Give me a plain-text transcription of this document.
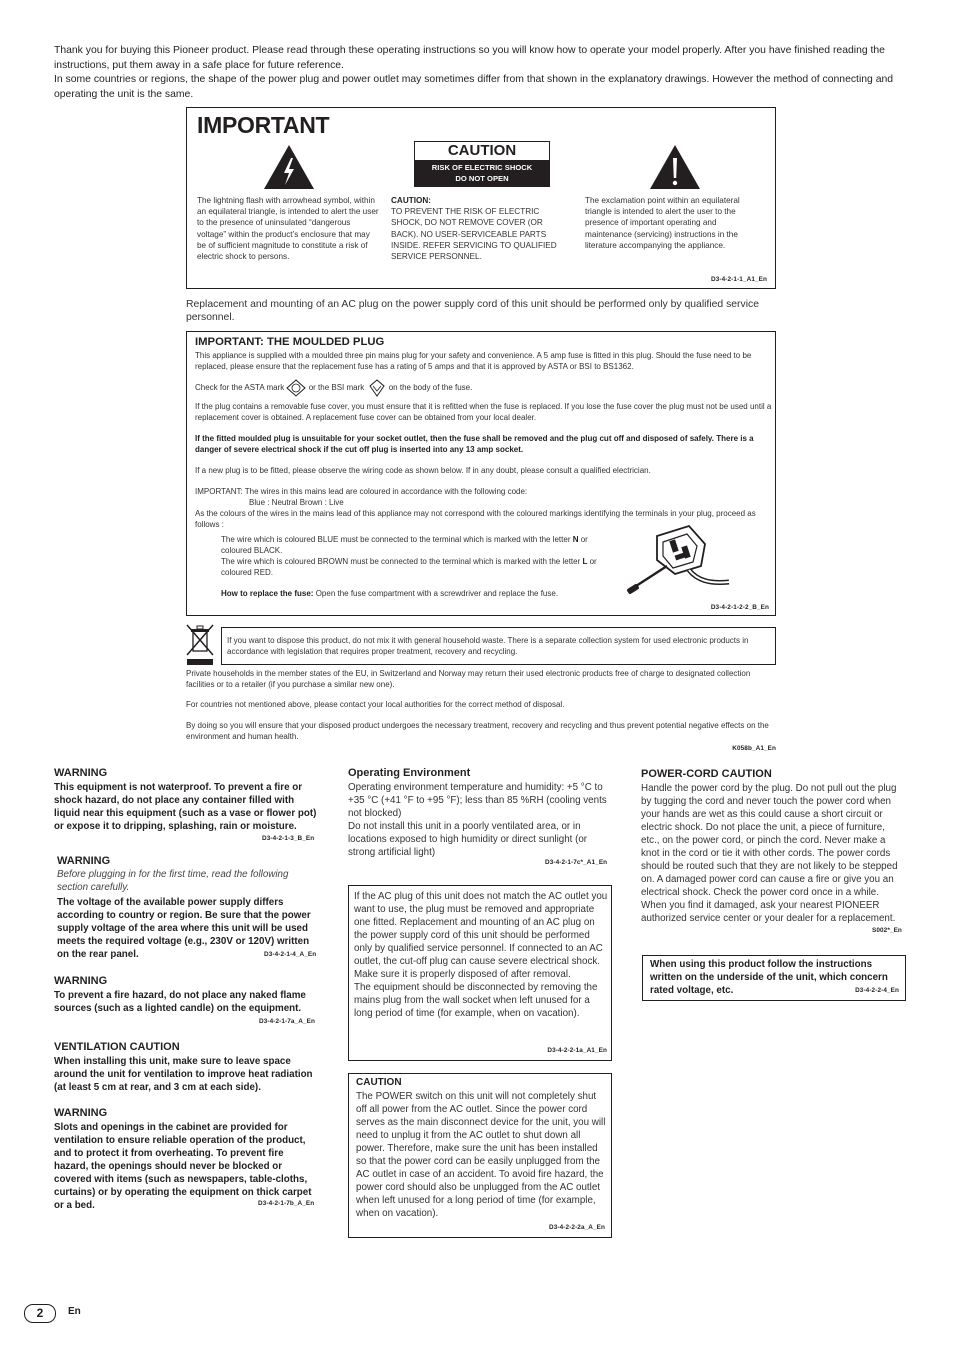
Thank you for buying this Pioneer product. Please read through these operating instructions so you will know how to operate your model properly. After you have finished reading the instructions, put them away in a safe place for future reference.

In some countries or regions, the shape of the power plug and power outlet may sometimes differ from that shown in the explanatory drawings. However the method of connecting and operating the unit is the same.

IMPORTANT
CAUTION
RISK OF ELECTRIC SHOCK
DO NOT OPEN
The lightning flash with arrowhead symbol, within an equilateral triangle, is intended to alert the user to the presence of uninsulated “dangerous voltage” within the product’s enclosure that may be of sufficient magnitude to constitute a risk of electric shock to persons.
CAUTION:
TO PREVENT THE RISK OF ELECTRIC SHOCK, DO NOT REMOVE COVER (OR BACK). NO USER-SERVICEABLE PARTS INSIDE. REFER SERVICING TO QUALIFIED SERVICE PERSONNEL.
The exclamation point within an equilateral triangle is intended to alert the user to the presence of important operating and maintenance (servicing) instructions in the literature accompanying the appliance.
D3-4-2-1-1_A1_En
Replacement and mounting of an AC plug on the power supply cord of this unit should be performed only by qualified service personnel.
IMPORTANT: THE MOULDED PLUG
This appliance is supplied with a moulded three pin mains plug for your safety and convenience. A 5 amp fuse is fitted in this plug. Should the fuse need to be replaced, please ensure that the replacement fuse has a rating of 5 amps and that it is approved by ASTA or BSI to BS1362.
Check for the ASTA mark	or the BSI mark	on the body of the fuse.
If the plug contains a removable fuse cover, you must ensure that it is refitted when the fuse is replaced. If you lose the fuse cover the plug must not be used until a replacement cover is obtained. A replacement fuse cover can be obtained from your local dealer.
If the fitted moulded plug is unsuitable for your socket outlet, then the fuse shall be removed and the plug cut off and disposed of safely. There is a danger of severe electrical shock if the cut off plug is inserted into any 13 amp socket.
If a new plug is to be fitted, please observe the wiring code as shown below. If in any doubt, please consult a qualified electrician.
IMPORTANT: The wires in this mains lead are coloured in accordance with the following code:
Blue : Neutral Brown : Live
As the colours of the wires in the mains lead of this appliance may not correspond with the coloured markings identifying the terminals in your plug, proceed as follows :
The wire which is coloured BLUE must be connected to the terminal which is marked with the letter N or coloured BLACK.
The wire which is coloured BROWN must be connected to the terminal which is marked with the letter L or coloured RED.
How to replace the fuse: Open the fuse compartment with a screwdriver and replace the fuse.
D3-4-2-1-2-2_B_En
If you want to dispose this product, do not mix it with general household waste. There is a separate collection system for used electronic products in accordance with legislation that requires proper treatment, recovery and recycling.
Private households in the member states of the EU, in Switzerland and Norway may return their used electronic products free of charge to designated collection facilities or to a retailer (if you purchase a similar new one).
For countries not mentioned above, please contact your local authorities for the correct method of disposal.
By doing so you will ensure that your disposed product undergoes the necessary treatment, recovery and recycling and thus prevent potential negative effects on the environment and human health.
K058b_A1_En
WARNING
This equipment is not waterproof. To prevent a fire or shock hazard, do not place any container filled with liquid near this equipment (such as a vase or flower pot) or expose it to dripping, splashing, rain or moisture.
D3-4-2-1-3_B_En
WARNING
Before plugging in for the first time, read the following section carefully.
The voltage of the available power supply differs according to country or region. Be sure that the power supply voltage of the area where this unit will be used meets the required voltage (e.g., 230V or 120V) written on the rear panel.	D3-4-2-1-4_A_En
WARNING
To prevent a fire hazard, do not place any naked flame sources (such as a lighted candle) on the equipment.
D3-4-2-1-7a_A_En
VENTILATION CAUTION
When installing this unit, make sure to leave space around the unit for ventilation to improve heat radiation (at least 5 cm at rear, and 3 cm at each side).
WARNING
Slots and openings in the cabinet are provided for ventilation to ensure reliable operation of the product, and to protect it from overheating. To prevent fire hazard, the openings should never be blocked or covered with items (such as newspapers, table-cloths, curtains) or by operating the equipment on thick carpet or a bed.	D3-4-2-1-7b_A_En
Operating Environment
Operating environment temperature and humidity: +5 °C to +35 °C (+41 °F to +95 °F); less than 85 %RH (cooling vents not blocked)
Do not install this unit in a poorly ventilated area, or in locations exposed to high humidity or direct sunlight (or strong artificial light)
D3-4-2-1-7c*_A1_En
If the AC plug of this unit does not match the AC outlet you want to use, the plug must be removed and appropriate one fitted. Replacement and mounting of an AC plug on the power supply cord of this unit should be performed only by qualified service personnel. If connected to an AC outlet, the cut-off plug can cause severe electrical shock. Make sure it is properly disposed of after removal.
The equipment should be disconnected by removing the mains plug from the wall socket when left unused for a long period of time (for example, when on vacation).
D3-4-2-2-1a_A1_En
CAUTION
The POWER switch on this unit will not completely shut off all power from the AC outlet. Since the power cord serves as the main disconnect device for the unit, you will need to unplug it from the AC outlet to shut down all power. Therefore, make sure the unit has been installed so that the power cord can be easily unplugged from the AC outlet in case of an accident. To avoid fire hazard, the power cord should also be unplugged from the AC outlet when left unused for a long period of time (for example, when on vacation).
D3-4-2-2-2a_A_En
POWER-CORD CAUTION
Handle the power cord by the plug. Do not pull out the plug by tugging the cord and never touch the power cord when your hands are wet as this could cause a short circuit or electric shock. Do not place the unit, a piece of furniture, etc., on the power cord, or pinch the cord. Never make a knot in the cord or tie it with other cords. The power cords should be routed such that they are not likely to be stepped on. A damaged power cord can cause a fire or give you an electrical shock. Check the power cord once in a while. When you find it damaged, ask your nearest PIONEER authorized service center or your dealer for a replacement.
S002*_En
When using this product follow the instructions written on the underside of the unit, which concern rated voltage, etc.	D3-4-2-2-4_En
2	En
